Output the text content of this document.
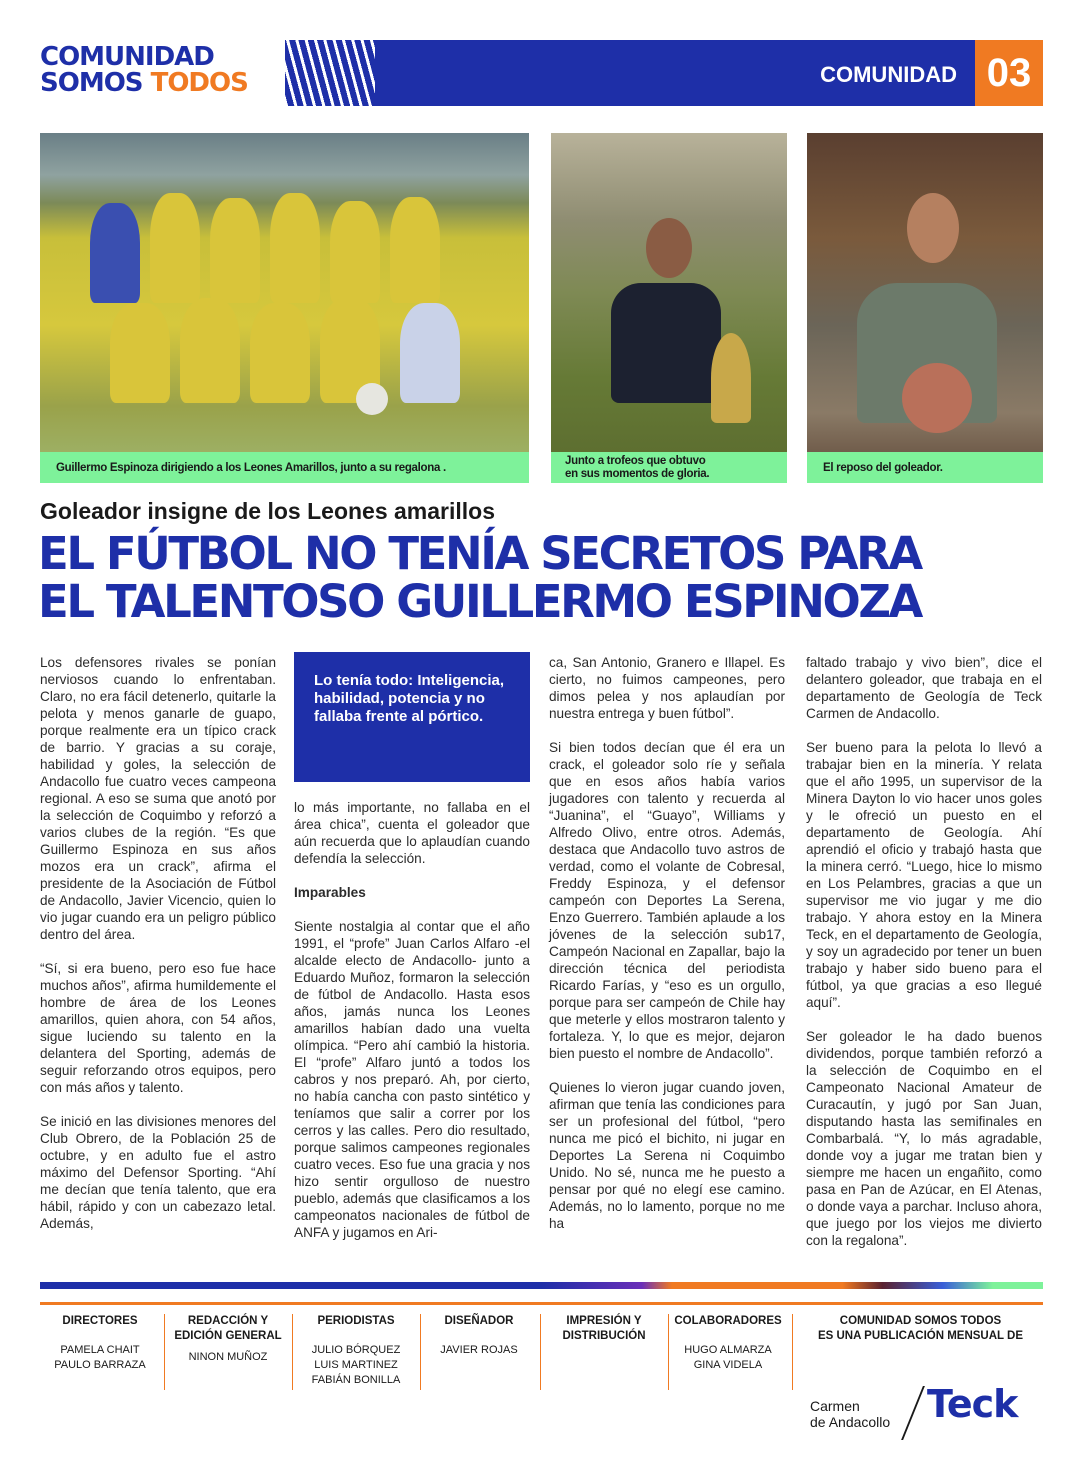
COMUNIDAD
SOMOS TODOS	COMUNIDAD 03
Guillermo Espinoza dirigiendo a los Leones Amarillos, junto a su regalona .
Junto a trofeos que obtuvo
en sus momentos de gloria.	El reposo del goleador.
Goleador insigne de los Leones amarillos
EL FÚTBOL NO TENÍA SECRETOS PARA
EL TALENTOSO GUILLERMO ESPINOZA

Los defensores rivales se ponían nerviosos cuando lo enfrentaban. Claro, no era fácil detenerlo, quitarle la pelota y menos ganarle de guapo, porque realmente era un típico crack de barrio. Y gracias a su coraje, habilidad y goles, la selección de Andacollo fue cuatro veces campeona regional. A eso se suma que anotó por la selección de Coquimbo y reforzó a varios clubes de la región. “Es que Guillermo Espinoza en sus años mozos era un crack”, afirma el presidente de la Asociación de Fútbol de Andacollo, Javier Vicencio, quien lo vio jugar cuando era un peligro público dentro del área.

“Sí, si era bueno, pero eso fue hace muchos años”, afirma humildemente el hombre de área de los Leones amarillos, quien ahora, con 54 años, sigue luciendo su talento en la delantera del Sporting, además de seguir reforzando otros equipos, pero con más años y talento.

Se inició en las divisiones menores del Club Obrero, de la Población 25 de octubre, y en adulto fue el astro máximo del Defensor Sporting. “Ahí me decían que tenía talento, que era hábil, rápido y con un cabezazo letal. Además,

Lo tenía todo: Inteligencia, habilidad, potencia y no fallaba frente al pórtico.

lo más importante, no fallaba en el área chica”, cuenta el goleador que aún recuerda que lo aplaudían cuando defendía la selección.

Imparables

Siente nostalgia al contar que el año 1991, el “profe” Juan Carlos Alfaro -el alcalde electo de Andacollo- junto a Eduardo Muñoz, formaron la selección de fútbol de Andacollo. Hasta esos años, jamás nunca los Leones amarillos habían dado una vuelta olímpica. “Pero ahí cambió la historia. El “profe” Alfaro juntó a todos los cabros y nos preparó. Ah, por cierto, no había cancha con pasto sintético y teníamos que salir a correr por los cerros y las calles. Pero dio resultado, porque salimos campeones regionales cuatro veces. Eso fue una gracia y nos hizo sentir orgulloso de nuestro pueblo, además que clasificamos a los campeonatos nacionales de fútbol de ANFA y jugamos en Ari-

ca, San Antonio, Granero e Illapel. Es cierto, no fuimos campeones, pero dimos pelea y nos aplaudían por nuestra entrega y buen fútbol”.

Si bien todos decían que él era un crack, el goleador solo ríe y señala que en esos años había varios jugadores con talento y recuerda al “Juanina”, el “Guayo”, Williams y Alfredo Olivo, entre otros. Además, destaca que Andacollo tuvo astros de verdad, como el volante de Cobresal, Freddy Espinoza, y el defensor campeón con Deportes La Serena, Enzo Guerrero. También aplaude a los jóvenes de la selección sub17, Campeón Nacional en Zapallar, bajo la dirección técnica del periodista Ricardo Farías, y “eso es un orgullo, porque para ser campeón de Chile hay que meterle y ellos mostraron talento y fortaleza. Y, lo que es mejor, dejaron bien puesto el nombre de Andacollo”.

Quienes lo vieron jugar cuando joven, afirman que tenía las condiciones para ser un profesional del fútbol, “pero nunca me picó el bichito, ni jugar en Deportes La Serena ni Coquimbo Unido. No sé, nunca me he puesto a pensar por qué no elegí ese camino. Además, no lo lamento, porque no me ha

faltado trabajo y vivo bien”, dice el delantero goleador, que trabaja en el departamento de Geología de Teck Carmen de Andacollo.

Ser bueno para la pelota lo llevó a trabajar bien en la minería. Y relata que el año 1995, un supervisor de la Minera Dayton lo vio hacer unos goles y le ofreció un puesto en el departamento de Geología. Ahí aprendió el oficio y trabajó hasta que la minera cerró. “Luego, hice lo mismo en Los Pelambres, gracias a que un supervisor me vio jugar y me dio trabajo. Y ahora estoy en la Minera Teck, en el departamento de Geología, y soy un agradecido por tener un buen trabajo y haber sido bueno para el fútbol, ya que gracias a eso llegué aquí”.

Ser goleador le ha dado buenos dividendos, porque también reforzó a la selección de Coquimbo en el Campeonato Nacional Amateur de Curacautín, y jugó por San Juan, disputando hasta las semifinales en Combarbalá. “Y, lo más agradable, donde voy a jugar me tratan bien y siempre me hacen un engañito, como pasa en Pan de Azúcar, en El Atenas, o donde vaya a parchar. Incluso ahora, que juego por los viejos me divierto con la regalona”.

DIRECTORES
PAMELA CHAIT
PAULO BARRAZA
REDACCIÓN Y EDICIÓN GENERAL
NINON MUÑOZ
PERIODISTAS
JULIO BÓRQUEZ
LUIS MARTINEZ
FABIÁN BONILLA
DISEÑADOR
JAVIER ROJAS
IMPRESIÓN Y DISTRIBUCIÓN
COLABORADORES
HUGO ALMARZA
GINA VIDELA
COMUNIDAD SOMOS TODOS
ES UNA PUBLICACIÓN MENSUAL DE
Carmen
de Andacollo Teck
